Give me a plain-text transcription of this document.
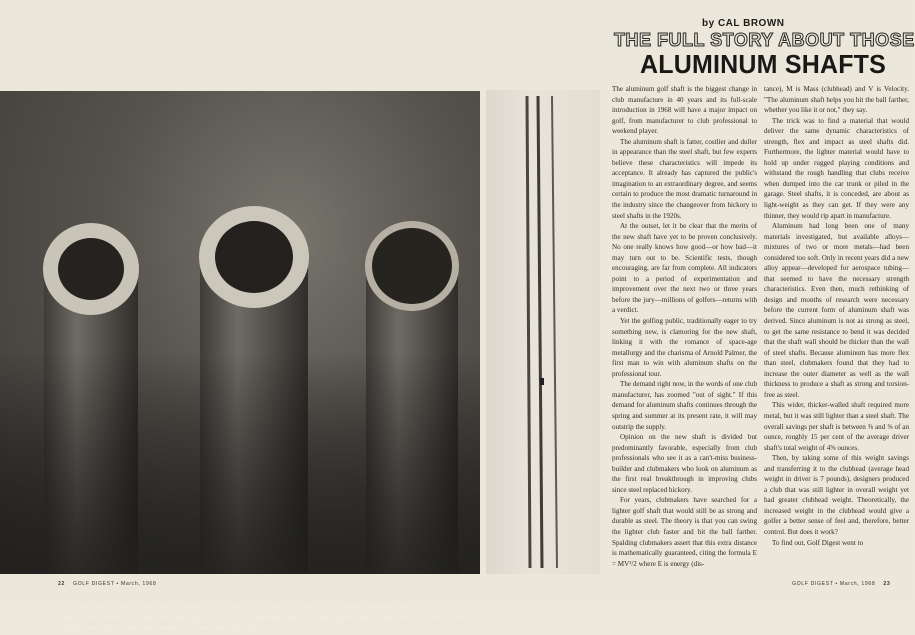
by CAL BROWN
THE FULL STORY ABOUT THOSE
ALUMINUM SHAFTS
This closeup photo of their tip ends shows the difference in wall thickness and diameter between the two leading aluminum shafts (LeFiell's at left, True Temper's in the center) and a typical steel shaft (right). Both LeFiell's smooth shaft and True Temper's tapered one (left and center respectively in photo at right) are less shiny and weigh less than the present steel shaft at far right.

The aluminum golf shaft is the biggest change in club manufacture in 40 years and its full-scale introduction in 1968 will have a major impact on golf, from manufacturer to club professional to weekend player.

The aluminum shaft is fatter, costlier and duller in appearance than the steel shaft, but few experts believe these characteristics will impede its acceptance. It already has captured the public's imagination to an extraordinary degree, and seems certain to produce the most dramatic turnaround in the industry since the changeover from hickory to steel shafts in the 1920s.

At the outset, let it be clear that the merits of the new shaft have yet to be proven conclusively. No one really knows how good—or how bad—it may turn out to be. Scientific tests, though encouraging, are far from complete. All indicators point to a period of experimentation and improvement over the next two or three years before the jury—millions of golfers—returns with a verdict.

Yet the golfing public, traditionally eager to try something new, is clamoring for the new shaft, linking it with the romance of space-age metallurgy and the charisma of Arnold Palmer, the first man to win with aluminum shafts on the professional tour.

The demand right now, in the words of one club manufacturer, has zoomed "out of sight." If this demand for aluminum shafts continues through the spring and summer at its present rate, it will may outstrip the supply.

Opinion on the new shaft is divided but predominantly favorable, especially from club professionals who see it as a can't-miss business-builder and clubmakers who look on aluminum as the first real breakthrough in improving clubs since steel replaced hickory.

For years, clubmakers have searched for a lighter golf shaft that would still be as strong and durable as steel. The theory is that you can swing the lighter club faster and hit the ball farther. Spalding clubmakers assert that this extra distance is mathematically guaranteed, citing the formula E = MV²/2 where E is energy (dis-

tance), M is Mass (clubhead) and V is Velocity. "The aluminum shaft helps you hit the ball farther, whether you like it or not," they say.

The trick was to find a material that would deliver the same dynamic characteristics of strength, flex and impact as steel shafts did. Furthermore, the lighter material would have to hold up under rugged playing conditions and withstand the rough handling that clubs receive when dumped into the car trunk or piled in the garage. Steel shafts, it is conceded, are about as light-weight as they can get. If they were any thinner, they would rip apart in manufacture.

Aluminum had long been one of many materials investigated, but available alloys—mixtures of two or more metals—had been considered too soft. Only in recent years did a new alloy appear—developed for aerospace tubing—that seemed to have the necessary strength characteristics. Even then, much rethinking of design and months of research were necessary before the current form of aluminum shaft was derived. Since aluminum is not as strong as steel, to get the same resistance to bend it was decided that the shaft wall should be thicker than the wall of steel shafts. Because aluminum has more flex than steel, clubmakers found that they had to increase the outer diameter as well as the wall thickness to produce a shaft as strong and torsion-free as steel.

This wider, thicker-walled shaft required more metal, but it was still lighter than a steel shaft. The overall savings per shaft is between ⅜ and ⅝ of an ounce, roughly 15 per cent of the average driver shaft's total weight of 4⅝ ounces.

Then, by taking some of this weight savings and transferring it to the clubhead (average head weight in driver is 7 pounds), designers produced a club that was still lighter in overall weight yet had greater clubhead weight. Theoretically, the increased weight in the clubhead would give a golfer a better sense of feel and, therefore, better control. But does it work?

To find out, Golf Digest went to

22 GOLF DIGEST • March, 1968	GOLF DIGEST • March, 1968 23
